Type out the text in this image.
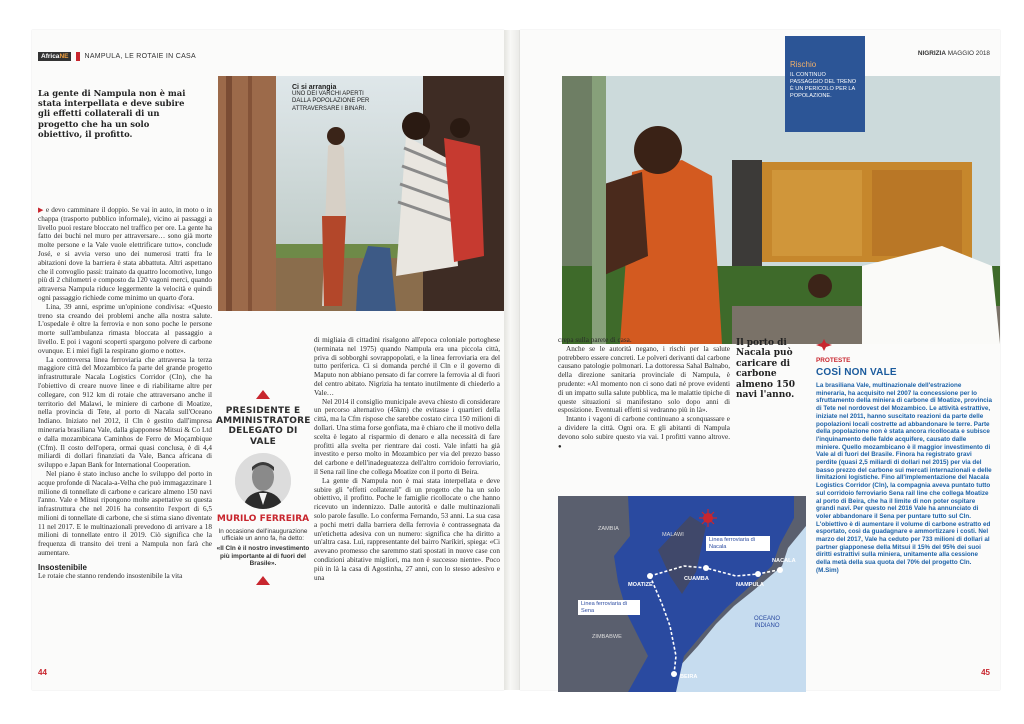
AfricaNE	NAMPULA, LE ROTAIE IN CASA

La gente di Nampula non è mai stata interpellata e deve subire gli effetti collaterali di un progetto che ha un solo obiettivo, il profitto.

Ci si arrangia

UNO DEI VARCHI APERTI DALLA POPOLAZIONE PER ATTRAVERSARE I BINARI.

▶ e devo camminare il doppio. Se vai in auto, in moto o in chappa (trasporto pubblico informale), vicino ai passaggi a livello puoi restare bloccato nel traffico per ore. La gente ha fatto dei buchi nel muro per attraversare… sono già morte molte persone e la Vale vuole elettrificare tutto», conclude José, e si avvia verso uno dei numerosi tratti fra le abitazioni dove la barriera è stata abbattuta. Altri aspettano che il convoglio passi: trainato da quattro locomotive, lungo più di 2 chilometri e composto da 120 vagoni merci, quando attraversa Nampula riduce leggermente la velocità e quindi ogni passaggio richiede come minimo un quarto d'ora.

Lina, 39 anni, esprime un'opinione condivisa: «Questo treno sta creando dei problemi anche alla nostra salute. L'ospedale è oltre la ferrovia e non sono poche le persone morte sull'ambulanza rimasta bloccata al passaggio a livello. E poi i vagoni scoperti spargono polvere di carbone ovunque. E i miei figli la respirano giorno e notte».

La controversa linea ferroviaria che attraversa la terza maggiore città del Mozambico fa parte del grande progetto infrastrutturale Nacala Logistics Corridor (Cln), che ha l'obiettivo di creare nuove linee e di riabilitarne altre per collegare, con 912 km di rotaie che attraversano anche il territorio del Malawi, le miniere di carbone di Moatize, nella provincia di Tete, al porto di Nacala sull'Oceano Indiano. Iniziato nel 2012, il Cln è gestito dall'impresa mineraria brasiliana Vale, dalla giapponese Mitsui & Co Ltd e dalla mozambicana Caminhos de Ferro de Moçambique (Cfm). Il costo dell'opera, ormai quasi conclusa, è di 4,4 miliardi di dollari finanziati da Vale, Banca africana di sviluppo e Japan Bank for International Cooperation.

Nel piano è stato incluso anche lo sviluppo del porto in acque profonde di Nacala-a-Velha che può immagazzinare 1 milione di tonnellate di carbone e caricare almeno 150 navi l'anno. Vale e Mitsui ripongono molte aspettative su questa infrastruttura che nel 2016 ha consentito l'export di 6,5 milioni di tonnellate di carbone, che si stima siano diventate 11 nel 2017. E le multinazionali prevedono di arrivare a 18 milioni di tonnellate entro il 2019. Ciò significa che la frequenza di transito dei treni a Nampula non farà che aumentare.

Insostenibile

Le rotaie che stanno rendendo insostenibile la vita

PRESIDENTE E AMMINISTRATORE DELEGATO DI VALE

MURILO FERREIRA

In occasione dell'inaugurazione ufficiale un anno fa, ha detto:

«Il Cln è il nostro investimento più importante al di fuori del Brasile».

di migliaia di cittadini risalgono all'epoca coloniale portoghese (terminata nel 1975) quando Nampula era una piccola città, priva di sobborghi sovrappopolati, e la linea ferroviaria era del tutto periferica. Ci si domanda perché il Cln e il governo di Maputo non abbiano pensato di far correre la ferrovia al di fuori del centro abitato. Nigrizia ha tentato inutilmente di chiederlo a Vale…

Nel 2014 il consiglio municipale aveva chiesto di considerare un percorso alternativo (45km) che evitasse i quartieri della città, ma la Cfm rispose che sarebbe costato circa 150 milioni di dollari. Una stima forse gonfiata, ma è chiaro che il motivo della scelta è legato al risparmio di denaro e alla necessità di fare profitti alla svelta per rientrare dai costi. Vale infatti ha già investito e perso molto in Mozambico per via del prezzo basso del carbone e dell'inadeguatezza dell'altro corridoio ferroviario, il Sena rail line che collega Moatize con il porto di Beira.

La gente di Nampula non è mai stata interpellata e deve subire gli "effetti collaterali" di un progetto che ha un solo obiettivo, il profitto. Poche le famiglie ricollocate o che hanno ricevuto un indennizzo. Dalle autorità e dalle multinazionali solo parole fasulle. Lo conferma Fernando, 53 anni. La sua casa a pochi metri dalla barriera della ferrovia è contrassegnata da un'etichetta adesiva con un numero: significa che ha diritto a un'altra casa. Luì, rappresentante del bairro Naríkiri, spiega: «Ci avevano promesso che saremmo stati spostati in nuove case con condizioni abitative migliori, ma non è successo niente». Poco più in là la casa di Agostinha, 27 anni, con lo stesso adesivo e una

44
NIGRIZIA MAGGIO 2018

Rischio

IL CONTINUO PASSAGGIO DEL TRENO È UN PERICOLO PER LA POPOLAZIONE.

crepa sulla parete di casa.

Anche se le autorità negano, i rischi per la salute potrebbero essere concreti. Le polveri derivanti dal carbone causano patologie polmonari. La dottoressa Sahal Balnabo, della direzione sanitaria provinciale di Nampula, è prudente: «Al momento non ci sono dati né prove evidenti di un impatto sulla salute pubblica, ma le malattie tipiche di queste situazioni si manifestano solo dopo anni di esposizione. Eventuali effetti si vedranno più in là».

Intanto i vagoni di carbone continuano a sconquassare e a dividere la città. Ogni ora. E gli abitanti di Nampula devono solo subire questo via vai. I profitti vanno altrove. ●

Il porto di Nacala può caricare di carbone almeno 150 navi l'anno.

ZAMBIA
MALAWI
ZIMBABWE
OCEANO INDIANO
MOATIZE
CUAMBA
NAMPULA
NACALA
BEIRA
Linea ferroviaria di Nacala
Linea ferroviaria di Sena
PROTESTE
COSÌ NON VALE

La brasiliana Vale, multinazionale dell'estrazione mineraria, ha acquisito nel 2007 la concessione per lo sfruttamento della miniera di carbone di Moatize, provincia di Tete nel nordovest del Mozambico. Le attività estrattive, iniziate nel 2011, hanno suscitato reazioni da parte delle popolazioni locali costrette ad abbandonare le terre. Parte della popolazione non è stata ancora ricollocata e subisce l'inquinamento delle falde acquifere, causato dalle miniere. Quello mozambicano è il maggior investimento di Vale al di fuori del Brasile. Finora ha registrato gravi perdite (quasi 2,5 miliardi di dollari nel 2015) per via del basso prezzo del carbone sui mercati internazionali e delle limitazioni logistiche. Fino all'implementazione del Nacala Logistics Corridor (Cln), la compagnia aveva puntato tutto sul corridoio ferroviario Sena rail line che collega Moatize al porto di Beira, che ha il limite di non poter ospitare grandi navi. Per questo nel 2016 Vale ha annunciato di voler abbandonare il Sena per puntare tutto sul Cln. L'obiettivo è di aumentare il volume di carbone estratto ed esportato, così da guadagnare e ammortizzare i costi. Nel marzo del 2017, Vale ha ceduto per 733 milioni di dollari al partner giapponese della Mitsui il 15% del 95% dei suoi diritti estrattivi sulla miniera, unitamente alla cessione della metà della sua quota del 70% del progetto Cln. (M.Sim)

45
